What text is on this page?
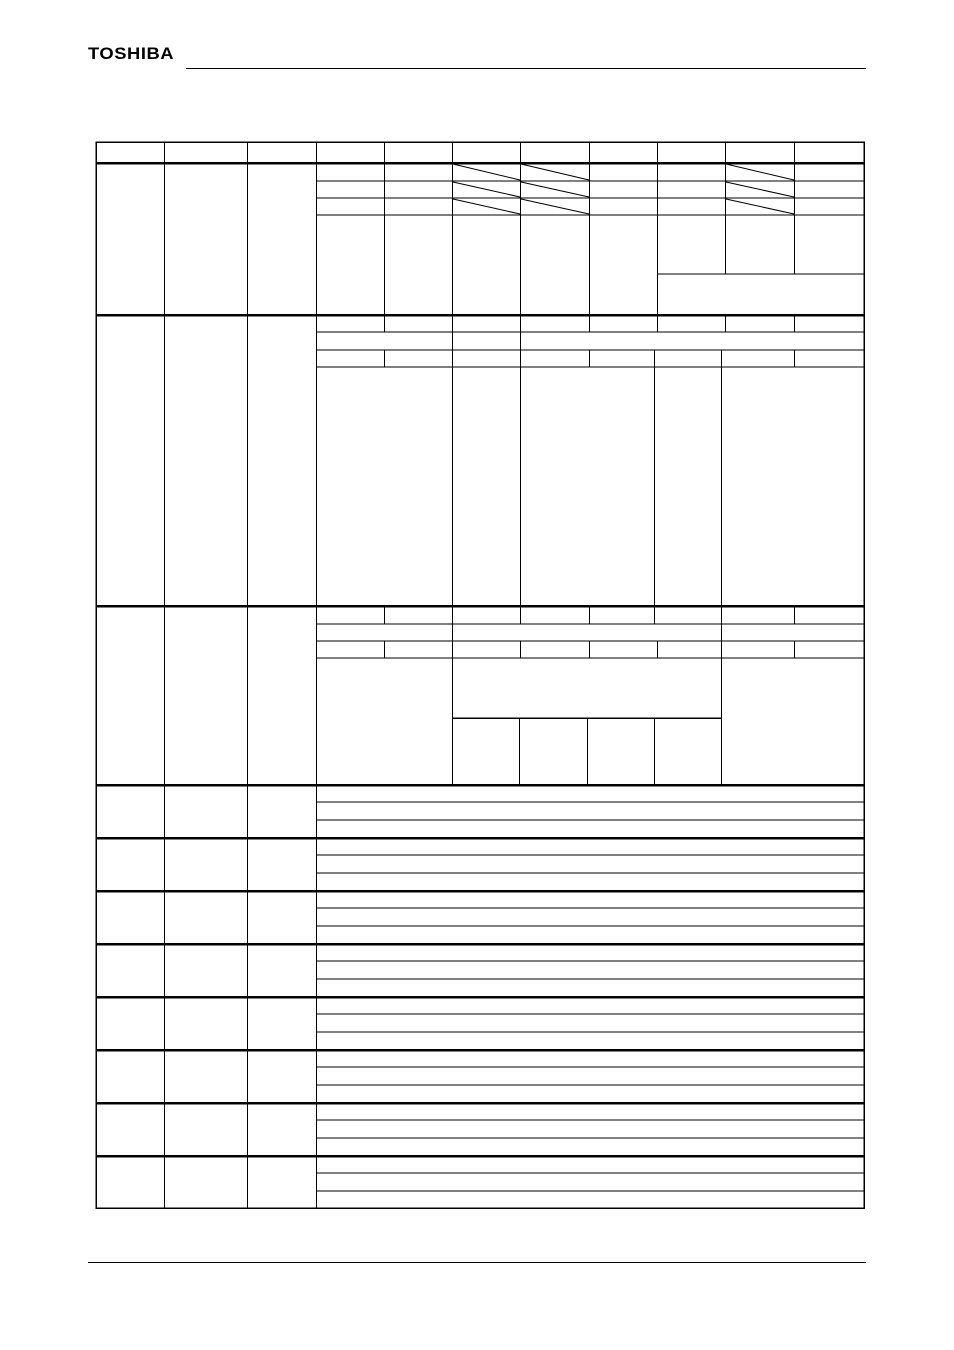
TOSHIBA
